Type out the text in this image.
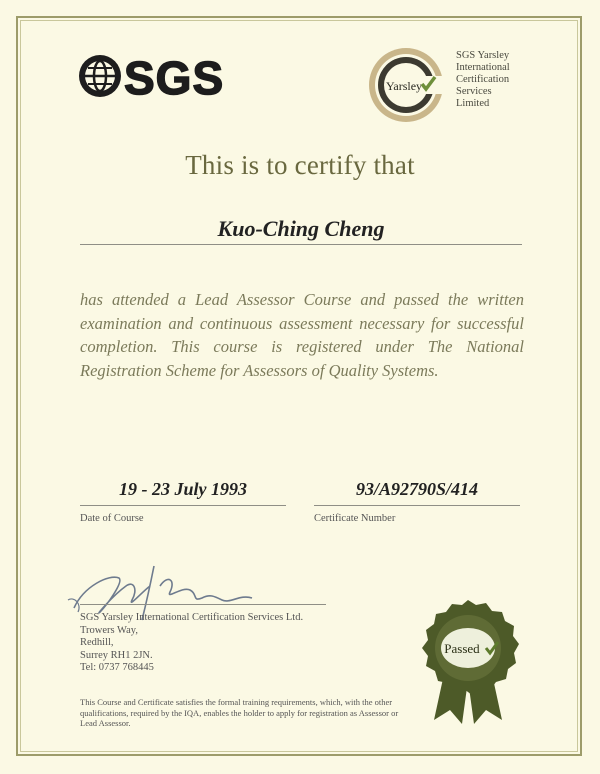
SGS	Yarsley
SGS Yarsley
International
Certification
Services
Limited
This is to certify that
Kuo-Ching Cheng
has attended a Lead Assessor Course and passed the written examination and continuous assessment necessary for successful completion. This course is registered under The National Registration Scheme for Assessors of Quality Systems.
19 - 23 July 1993	93/A92790S/414
Date of Course	Certificate Number
SGS Yarsley International Certification Services Ltd.
Trowers Way,
Redhill,
Surrey RH1 2JN.
Tel: 0737 768445
This Course and Certificate satisfies the formal training requirements, which, with the other qualifications, required by the IQA, enables the holder to apply for registration as Assessor or Lead Assessor.
Passed
